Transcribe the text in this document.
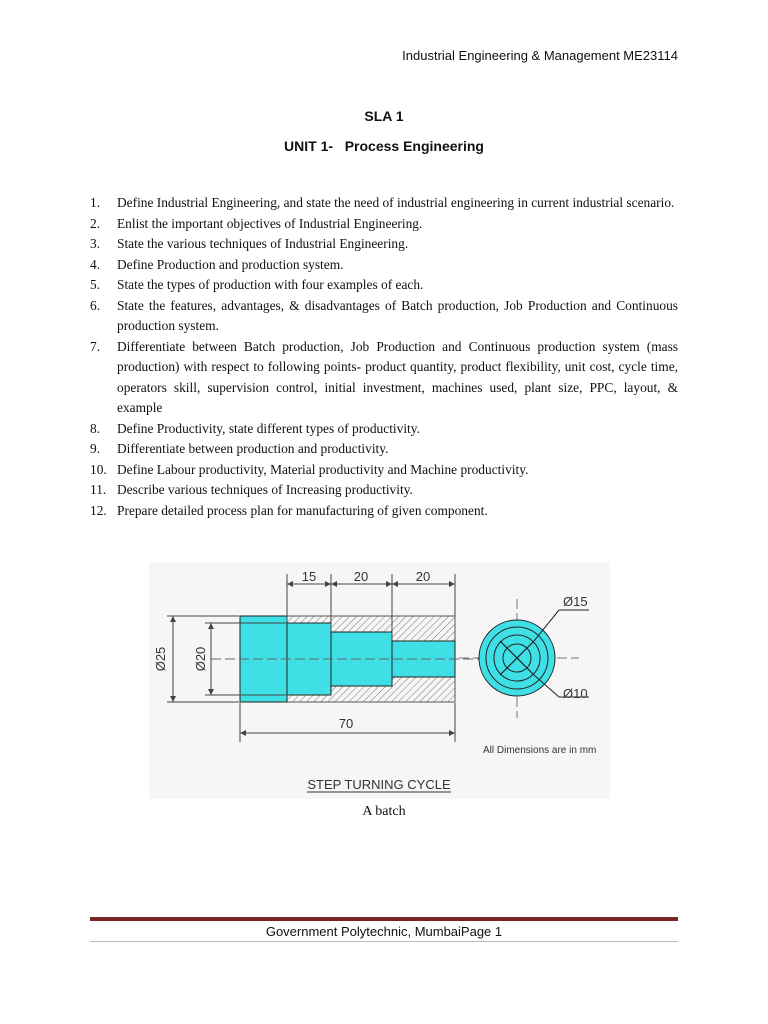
Industrial Engineering & Management ME23114
SLA 1
UNIT 1-   Process Engineering
1. Define Industrial Engineering, and state the need of industrial engineering in current industrial scenario.
2. Enlist the important objectives of Industrial Engineering.
3. State the various techniques of Industrial Engineering.
4. Define Production and production system.
5. State the types of production with four examples of each.
6. State the features, advantages, & disadvantages of Batch production, Job Production and Continuous production system.
7. Differentiate between Batch production, Job Production and Continuous production system (mass production) with respect to following points- product quantity, product flexibility, unit cost, cycle time, operators skill, supervision control, initial investment, machines used, plant size, PPC, layout, & example
8. Define Productivity, state different types of productivity.
9. Differentiate between production and productivity.
10. Define Labour productivity, Material productivity and Machine productivity.
11. Describe various techniques of Increasing productivity.
12. Prepare detailed process plan for manufacturing of given component.
15	20	20
Ø25 Ø20
70
Ø15
Ø10
All Dimensions are in mm
STEP TURNING CYCLE
A batch
Government Polytechnic, MumbaiPage 1
